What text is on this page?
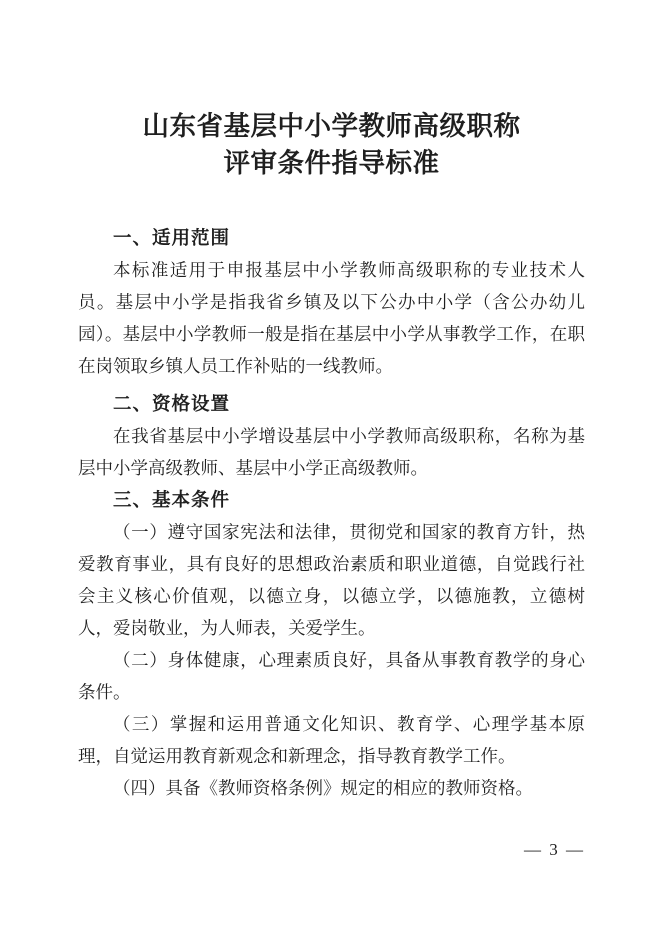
山东省基层中小学教师高级职称
评审条件指导标准
一、适用范围

本标准适用于申报基层中小学教师高级职称的专业技术人员。基层中小学是指我省乡镇及以下公办中小学（含公办幼儿园）。基层中小学教师一般是指在基层中小学从事教学工作，在职在岗领取乡镇人员工作补贴的一线教师。

二、资格设置

在我省基层中小学增设基层中小学教师高级职称，名称为基层中小学高级教师、基层中小学正高级教师。

三、基本条件

（一）遵守国家宪法和法律，贯彻党和国家的教育方针，热爱教育事业，具有良好的思想政治素质和职业道德，自觉践行社会主义核心价值观，以德立身，以德立学，以德施教，立德树人，爱岗敬业，为人师表，关爱学生。

（二）身体健康，心理素质良好，具备从事教育教学的身心条件。

（三）掌握和运用普通文化知识、教育学、心理学基本原理，自觉运用教育新观念和新理念，指导教育教学工作。

（四）具备《教师资格条例》规定的相应的教师资格。

— 3 —
